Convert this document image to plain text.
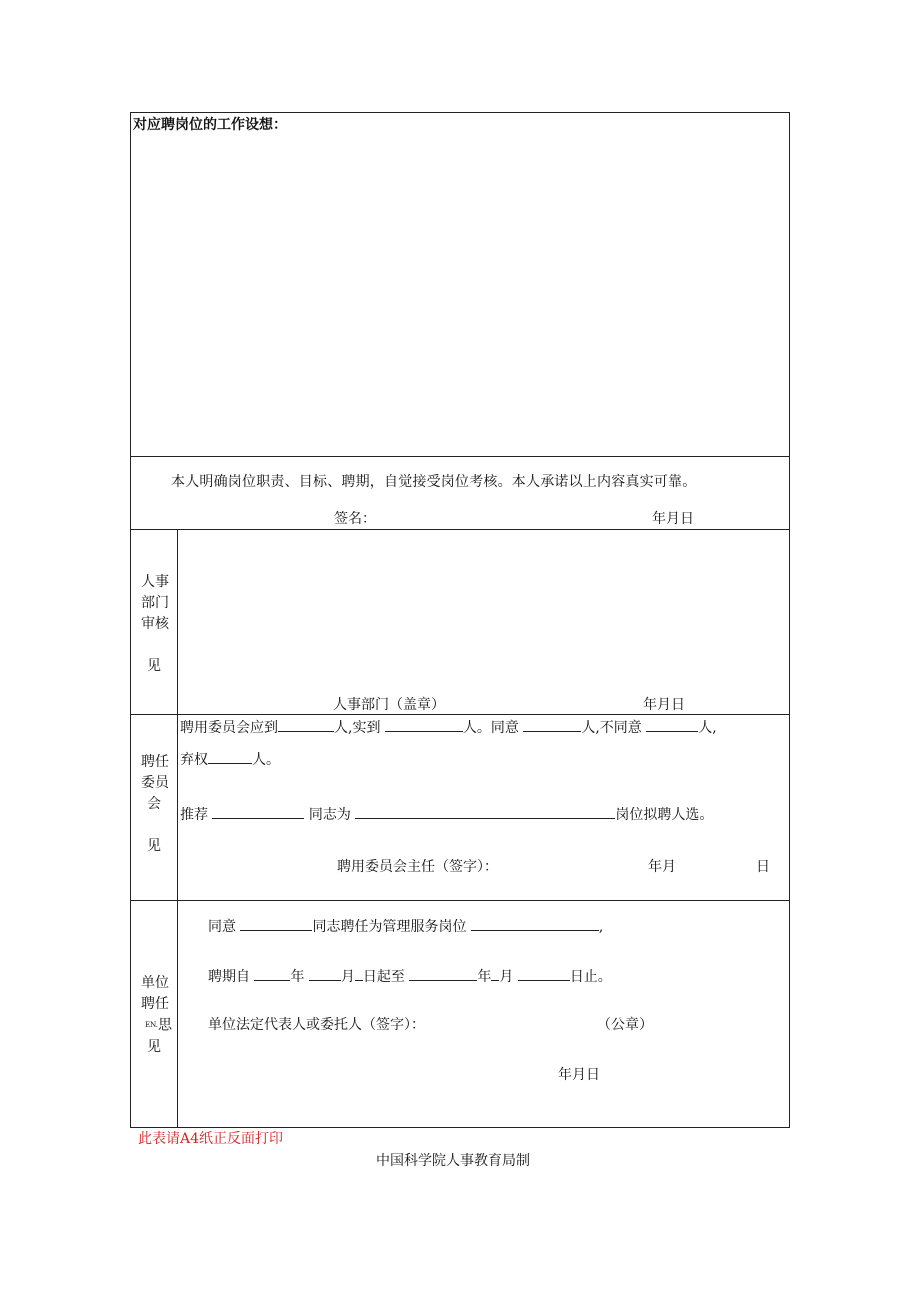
对应聘岗位的工作设想：
本人明确岗位职责、目标、聘期，自觉接受岗位考核。本人承诺以上内容真实可靠。
签名：	年月日
人事
部门
审核
见
人事部门（盖章）	年月日
聘任
委员
会
见
聘用委员会应到	人,实到	人。同意	人,不同意	人,
弃权	人。
推荐	同志为	岗位拟聘人选。
聘用委员会主任（签字）：	年月	日
单位
聘任
EN.思
见
同意	同志聘任为管理服务岗位	,
聘期自	年	月 日起至	年 月	日止。
单位法定代表人或委托人（签字）：	（公章）
年月日
此表请A4纸正反面打印
中国科学院人事教育局制
